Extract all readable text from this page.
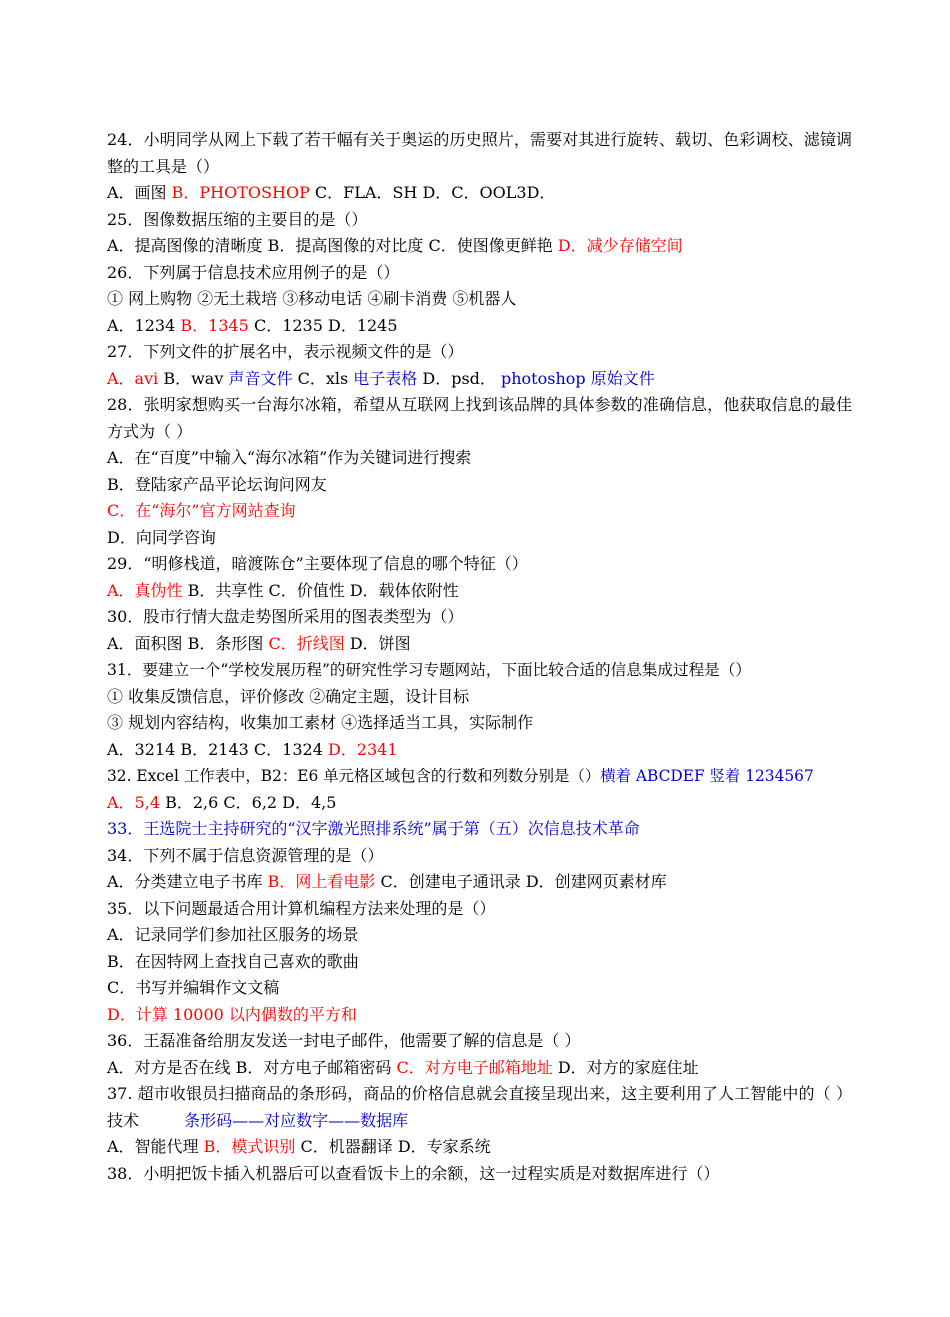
24．小明同学从网上下载了若干幅有关于奥运的历史照片，需要对其进行旋转、载切、色彩调校、滤镜调整的工具是（）
A．画图 B．PHOTOSHOP C．FLA．SH D．C．OOL3D．
25．图像数据压缩的主要目的是（）
A．提高图像的清晰度 B．提高图像的对比度 C．使图像更鲜艳 D．减少存储空间
26．下列属于信息技术应用例子的是（）
① 网上购物 ②无土栽培 ③移动电话 ④刷卡消费 ⑤机器人
A．1234 B．1345 C．1235 D．1245
27．下列文件的扩展名中，表示视频文件的是（）
A．avi B．wav 声音文件 C．xls 电子表格 D．psd． photoshop 原始文件
28．张明家想购买一台海尔冰箱，希望从互联网上找到该品牌的具体参数的准确信息，他获取信息的最佳方式为（ ）
A．在“百度”中输入“海尔冰箱”作为关键词进行搜索
B．登陆家产品平论坛询问网友
C．在“海尔”官方网站查询
D．向同学咨询
29．“明修栈道，暗渡陈仓”主要体现了信息的哪个特征（）
A．真伪性 B．共享性 C．价值性 D．载体依附性
30．股市行情大盘走势图所采用的图表类型为（）
A．面积图 B．条形图 C．折线图 D．饼图
31．要建立一个“学校发展历程”的研究性学习专题网站，下面比较合适的信息集成过程是（）
① 收集反馈信息，评价修改 ②确定主题，设计目标
③ 规划内容结构，收集加工素材 ④选择适当工具，实际制作
A．3214 B．2143 C．1324 D．2341
32. Excel 工作表中，B2：E6 单元格区域包含的行数和列数分别是（）横着 ABCDEF 竖着 1234567
A．5,4 B．2,6 C．6,2 D．4,5
33．王选院士主持研究的“汉字激光照排系统”属于第（五）次信息技术革命
34．下列不属于信息资源管理的是（）
A．分类建立电子书库 B．网上看电影 C．创建电子通讯录 D．创建网页素材库
35．以下问题最适合用计算机编程方法来处理的是（）
A．记录同学们参加社区服务的场景
B．在因特网上查找自己喜欢的歌曲
C．书写并编辑作文文稿
D．计算 10000 以内偶数的平方和
36．王磊准备给朋友发送一封电子邮件，他需要了解的信息是（ ）
A．对方是否在线 B．对方电子邮箱密码 C．对方电子邮箱地址 D．对方的家庭住址
37. 超市收银员扫描商品的条形码，商品的价格信息就会直接呈现出来，这主要利用了人工智能中的（ ）技术	条形码——对应数字——数据库
A．智能代理 B．模式识别 C．机器翻译 D．专家系统
38．小明把饭卡插入机器后可以查看饭卡上的余额，这一过程实质是对数据库进行（）
